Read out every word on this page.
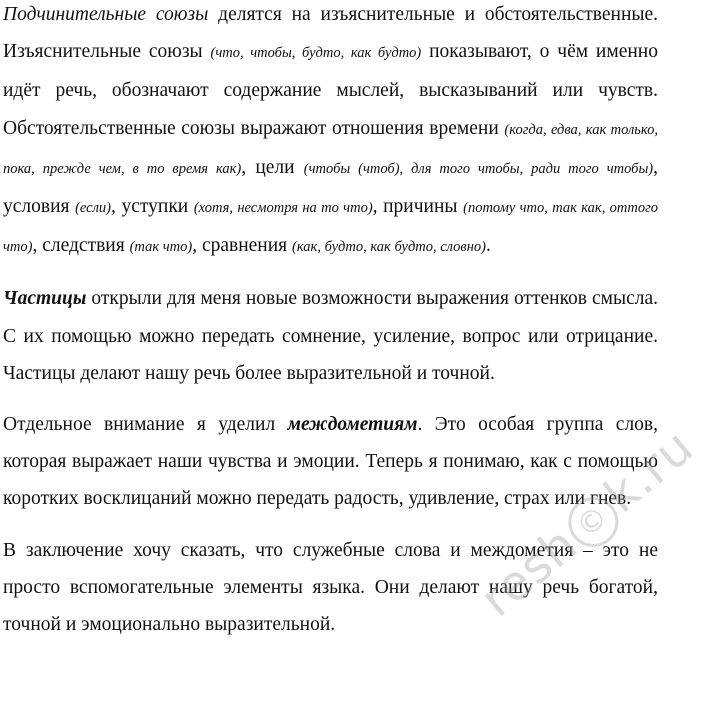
Подчинительные союзы делятся на изъяснительные и обстоятельственные. Изъяснительные союзы (что, чтобы, будто, как будто) показывают, о чём именно идёт речь, обозначают содержание мыслей, высказываний или чувств. Обстоятельственные союзы выражают отношения времени (когда, едва, как только, пока, прежде чем, в то время как), цели (чтобы (чтоб), для того чтобы, ради того чтобы), условия (если), уступки (хотя, несмотря на то что), причины (потому что, так как, оттого что), следствия (так что), сравнения (как, будто, как будто, словно).

Частицы открыли для меня новые возможности выражения оттенков смысла. С их помощью можно передать сомнение, усиление, вопрос или отрицание. Частицы делают нашу речь более выразительной и точной.

Отдельное внимание я уделил междометиям. Это особая группа слов, которая выражает наши чувства и эмоции. Теперь я понимаю, как с помощью коротких восклицаний можно передать радость, удивление, страх или гнев.

В заключение хочу сказать, что служебные слова и междометия – это не просто вспомогательные элементы языка. Они делают нашу речь богатой, точной и эмоционально выразительной.	resh©k.ru
